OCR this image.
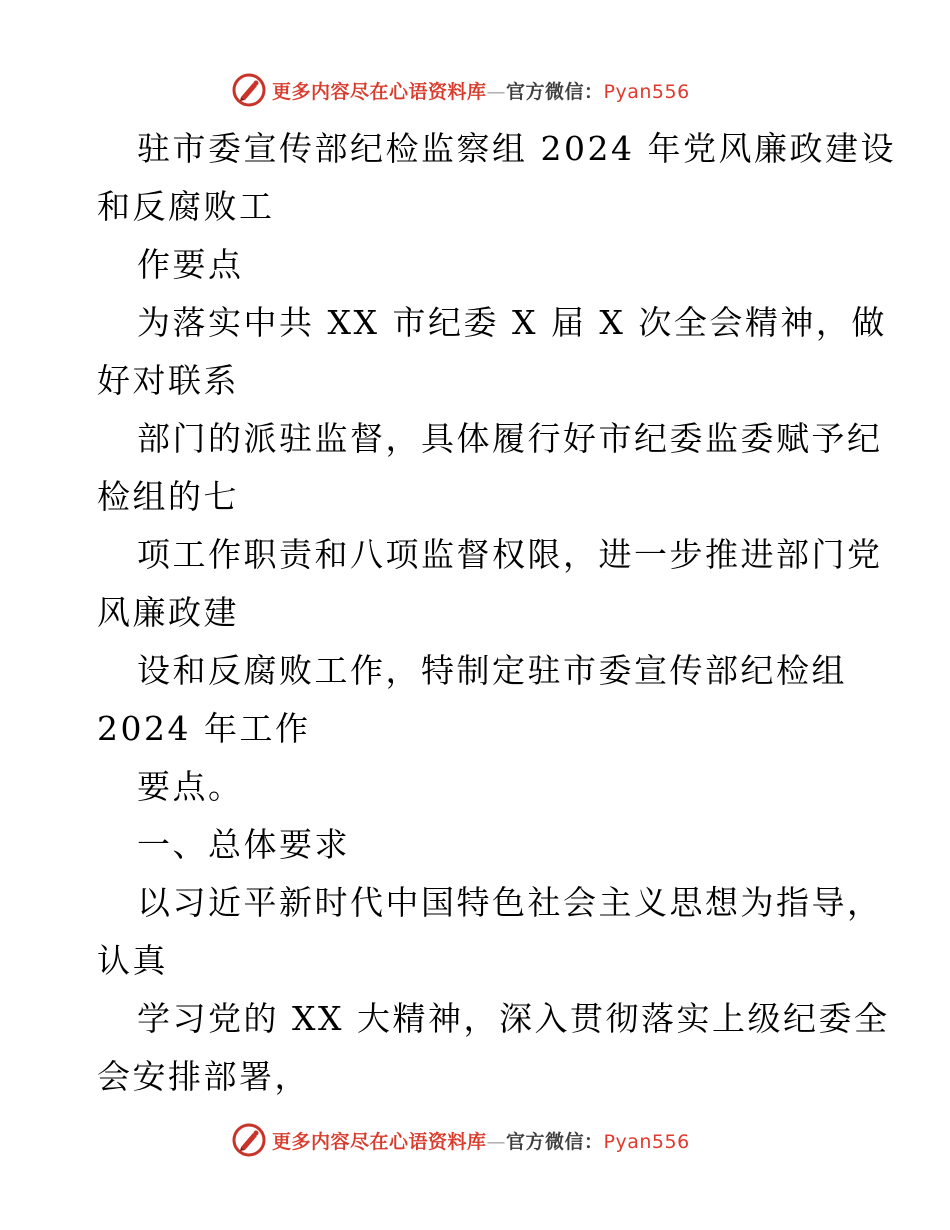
更多内容尽在心语资料库—官方微信：Pyan556
驻市委宣传部纪检监察组 2024 年党风廉政建设
和反腐败工
作要点
为落实中共 XX 市纪委 X 届 X 次全会精神，做
好对联系
部门的派驻监督，具体履行好市纪委监委赋予纪
检组的七
项工作职责和八项监督权限，进一步推进部门党
风廉政建
设和反腐败工作，特制定驻市委宣传部纪检组
2024 年工作
要点。
一、总体要求
以习近平新时代中国特色社会主义思想为指导，
认真
学习党的 XX 大精神，深入贯彻落实上级纪委全
会安排部署，
更多内容尽在心语资料库—官方微信：Pyan556
